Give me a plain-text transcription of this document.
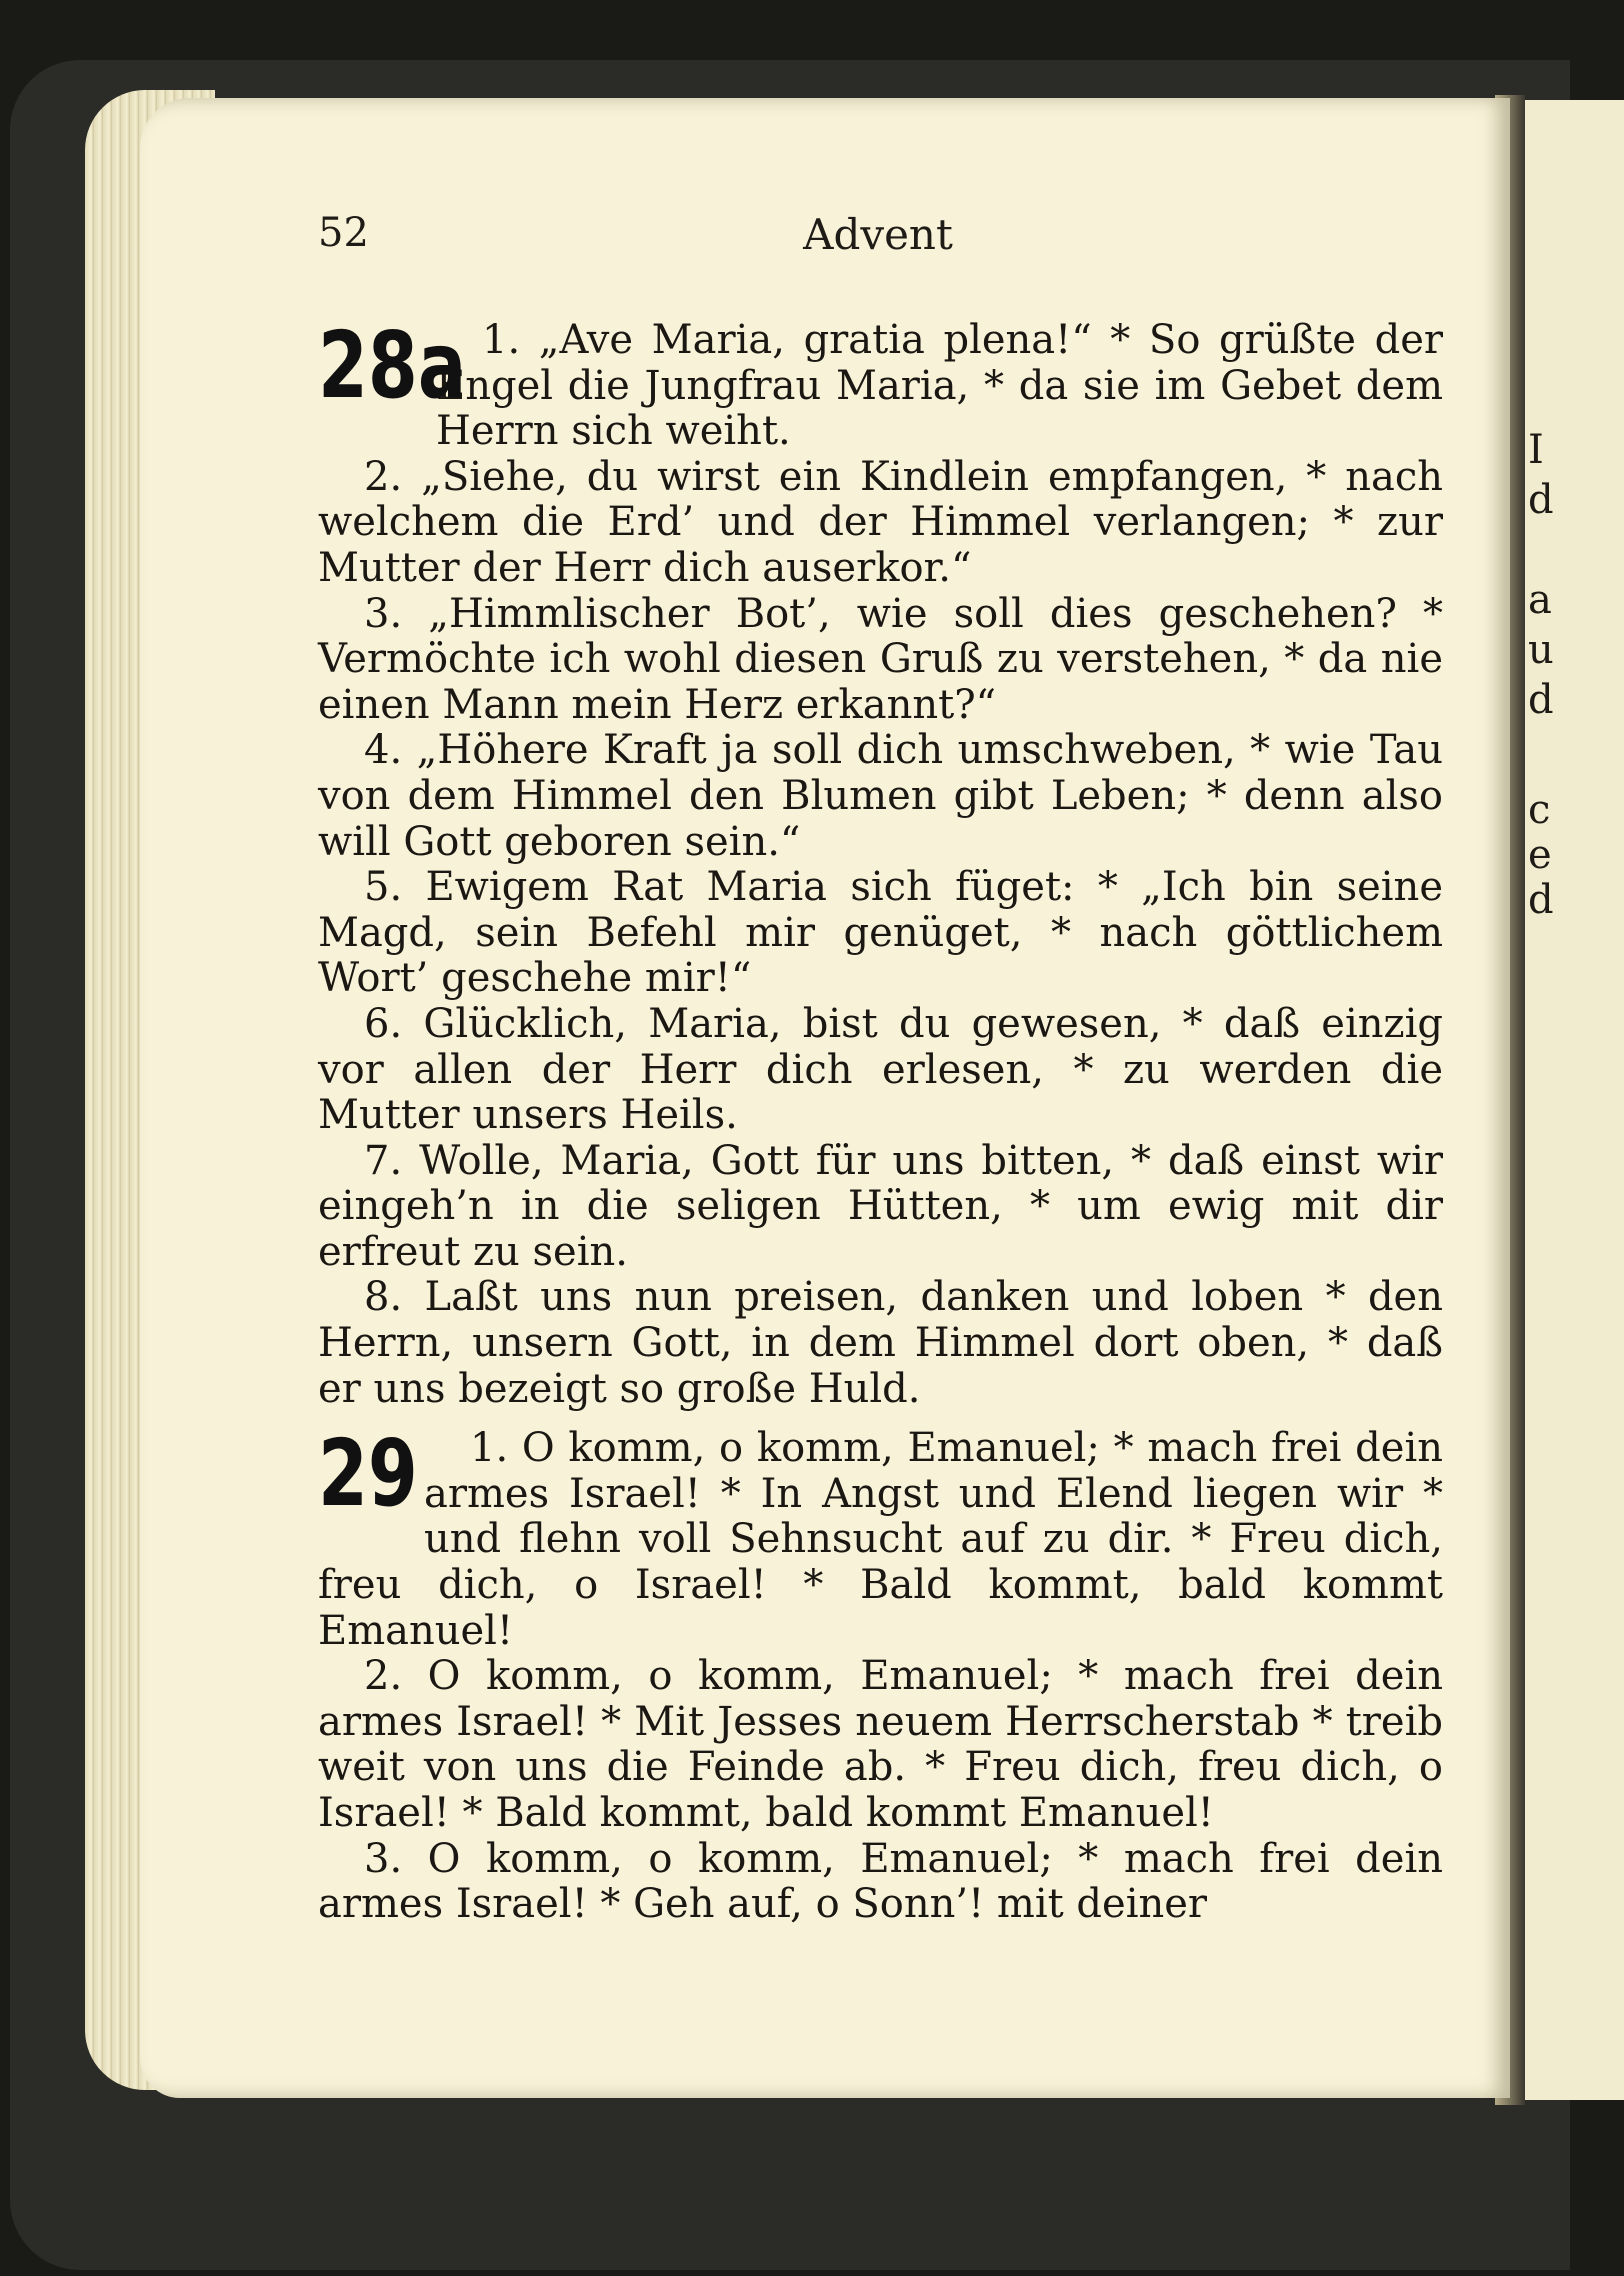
I
d
a
u
d
c
e
d
52	Advent
28a 1. „Ave Maria, gratia plena!“ * So grüßte der Engel die Jungfrau Maria, * da sie im Gebet dem Herrn sich weiht.

2. „Siehe, du wirst ein Kindlein empfangen, * nach welchem die Erd’ und der Himmel verlangen; * zur Mutter der Herr dich auserkor.“

3. „Himmlischer Bot’, wie soll dies geschehen? * Vermöchte ich wohl diesen Gruß zu verstehen, * da nie einen Mann mein Herz erkannt?“

4. „Höhere Kraft ja soll dich umschweben, * wie Tau von dem Himmel den Blumen gibt Leben; * denn also will Gott geboren sein.“

5. Ewigem Rat Maria sich füget: * „Ich bin seine Magd, sein Befehl mir genüget, * nach göttlichem Wort’ geschehe mir!“

6. Glücklich, Maria, bist du gewesen, * daß einzig vor allen der Herr dich erlesen, * zu werden die Mutter unsers Heils.

7. Wolle, Maria, Gott für uns bitten, * daß einst wir eingeh’n in die seligen Hütten, * um ewig mit dir erfreut zu sein.

8. Laßt uns nun preisen, danken und loben * den Herrn, unsern Gott, in dem Himmel dort oben, * daß er uns bezeigt so große Huld.

29	1. O komm, o komm, Emanuel; * mach frei dein armes Israel! * In Angst und Elend liegen wir * und flehn voll Sehnsucht auf zu dir. * Freu dich, freu dich, o Israel! * Bald kommt, bald kommt Emanuel!

2. O komm, o komm, Emanuel; * mach frei dein armes Israel! * Mit Jesses neuem Herrscherstab * treib weit von uns die Feinde ab. * Freu dich, freu dich, o Israel! * Bald kommt, bald kommt Emanuel!

3. O komm, o komm, Emanuel; * mach frei dein armes Israel! * Geh auf, o Sonn’! mit deiner
